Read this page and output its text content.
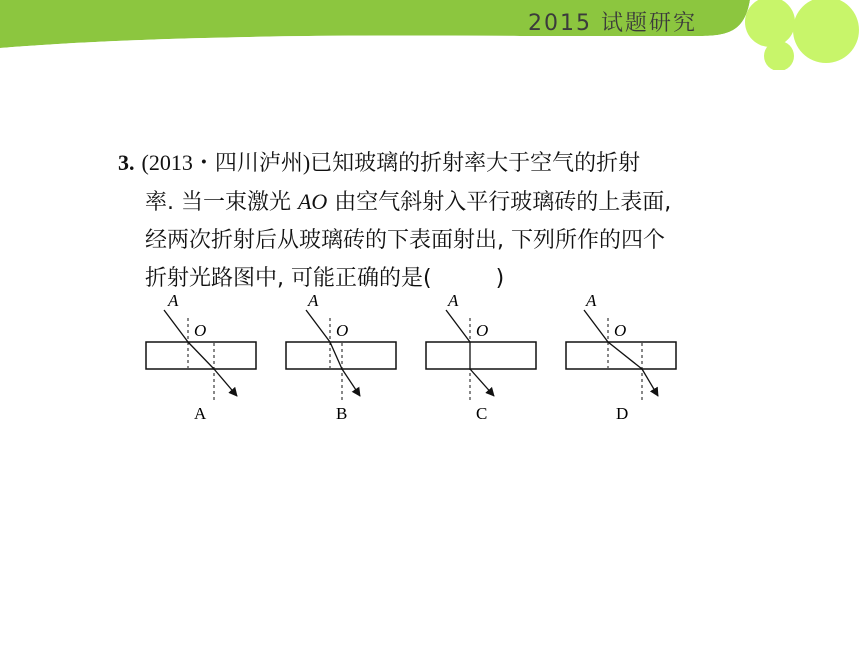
2015 试题研究
3. (2013・四川泸州)已知玻璃的折射率大于空气的折射
率. 当一束激光 AO 由空气斜射入平行玻璃砖的上表面,
经两次折射后从玻璃砖的下表面射出, 下列所作的四个
折射光路图中, 可能正确的是(	)
A
O
A
A
O
B
A
O
C
A
O
D
